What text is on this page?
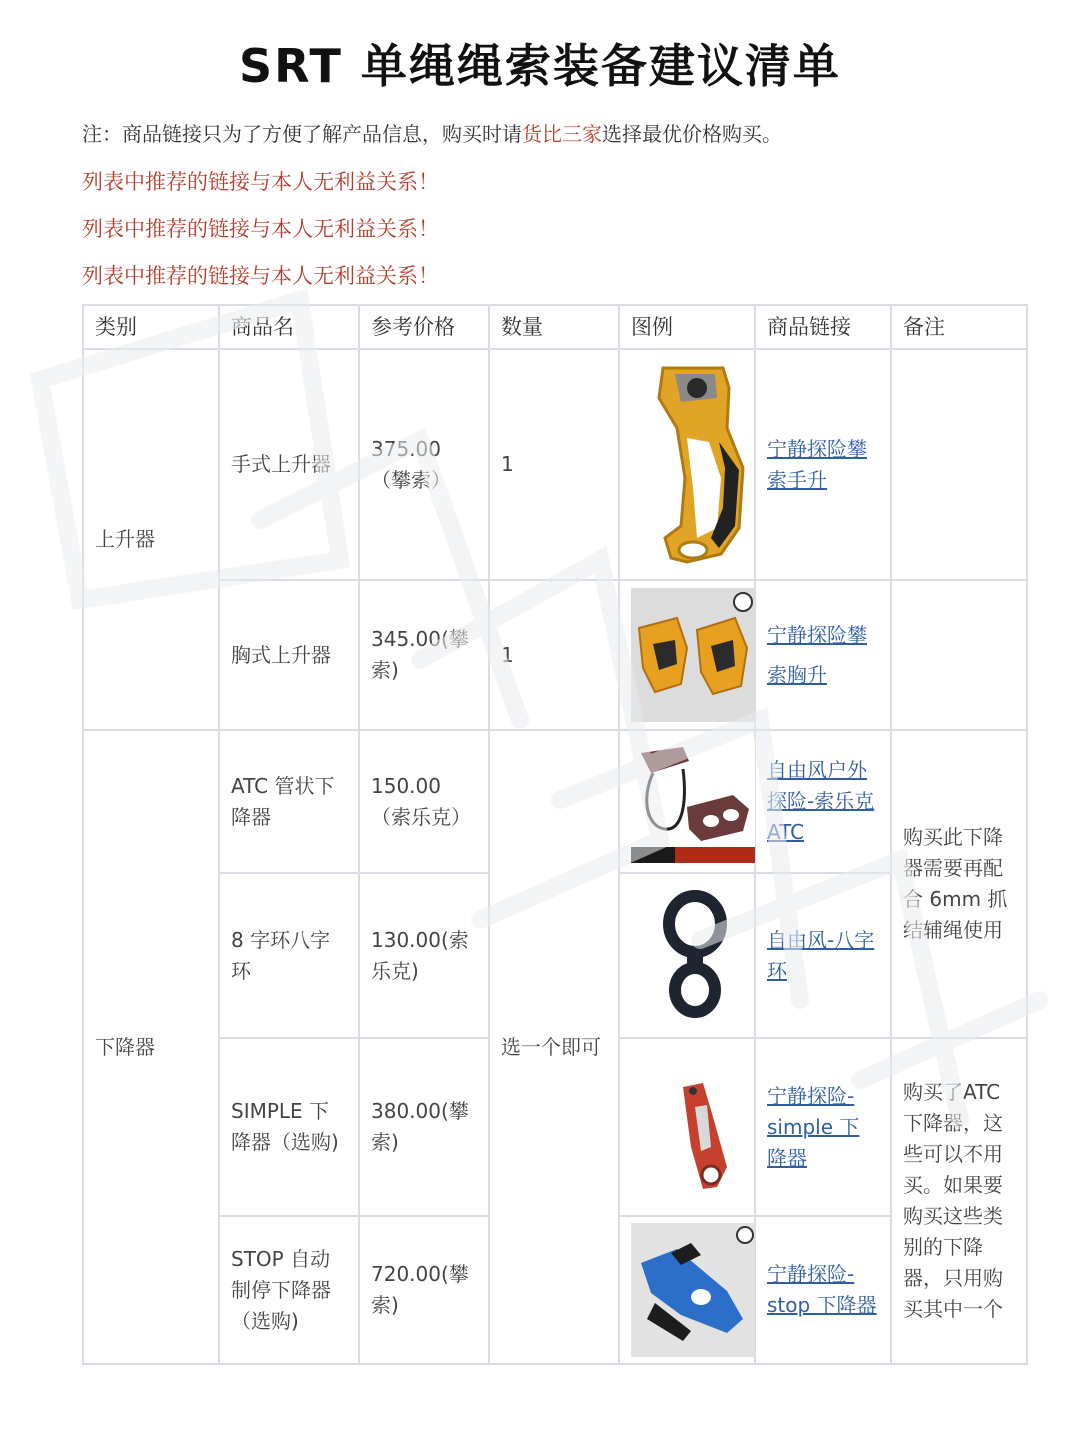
SRT 单绳绳索装备建议清单
注：商品链接只为了方便了解产品信息，购买时请货比三家选择最优价格购买。
列表中推荐的链接与本人无利益关系！
列表中推荐的链接与本人无利益关系！
列表中推荐的链接与本人无利益关系！
类别	商品名	参考价格	数量	图例	商品链接	备注
上升器	手式上升器	375.00（攀索）	1		宁静探险攀索手升	
	胸式上升器	345.00(攀索)	1		宁静探险攀索胸升	
下降器	ATC 管状下降器	150.00（索乐克）	选一个即可		自由风户外探险-索乐克 ATC	购买此下降器需要再配合 6mm 抓结辅绳使用
	8 字环八字环	130.00(索乐克)			自由风-八字环	
	SIMPLE 下降器（选购)	380.00(攀索)			宁静探险-simple 下降器	购买了ATC 下降器，这些可以不用买。如果要购买这些类别的下降器，只用购买其中一个
	STOP 自动制停下降器（选购)	720.00(攀索)			宁静探险-stop 下降器	
